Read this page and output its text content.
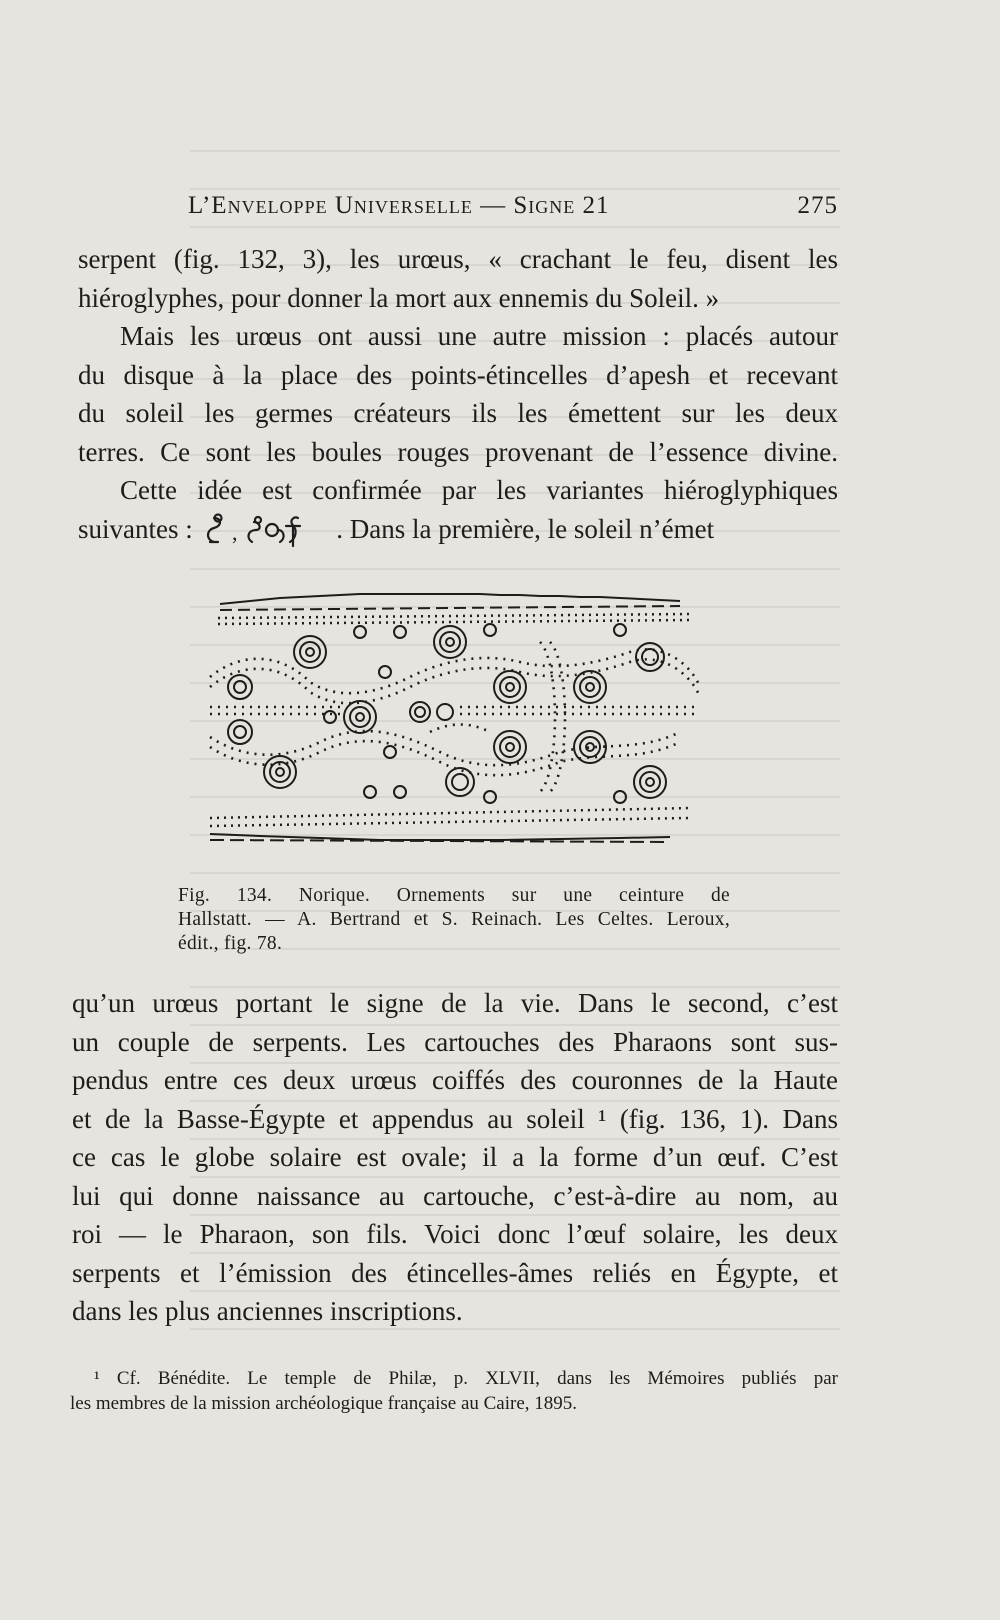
L’Enveloppe Universelle — Signe 21	275
serpent (fig. 132, 3), les urœus, « crachant le feu, disent les
hiéroglyphes, pour donner la mort aux ennemis du Soleil. »
Mais les urœus ont aussi une autre mission : placés autour
du disque à la place des points-étincelles d’apesh et recevant
du soleil les germes créateurs ils les émettent sur les deux
terres. Ce sont les boules rouges provenant de l’essence divine.
Cette idée est confirmée par les variantes hiéroglyphiques
suivantes : ,	. Dans la première, le soleil n’émet
Fig. 134. Norique. Ornements sur une ceinture de
Hallstatt. — A. Bertrand et S. Reinach. Les Celtes. Leroux,
édit., fig. 78.
qu’un urœus portant le signe de la vie. Dans le second, c’est
un couple de serpents. Les cartouches des Pharaons sont sus-
pendus entre ces deux urœus coiffés des couronnes de la Haute
et de la Basse-Égypte et appendus au soleil ¹ (fig. 136, 1). Dans
ce cas le globe solaire est ovale; il a la forme d’un œuf. C’est
lui qui donne naissance au cartouche, c’est-à-dire au nom, au
roi — le Pharaon, son fils. Voici donc l’œuf solaire, les deux
serpents et l’émission des étincelles-âmes reliés en Égypte, et
dans les plus anciennes inscriptions.
¹ Cf. Bénédite. Le temple de Philæ, p. XLVII, dans les Mémoires publiés par
les membres de la mission archéologique française au Caire, 1895.
